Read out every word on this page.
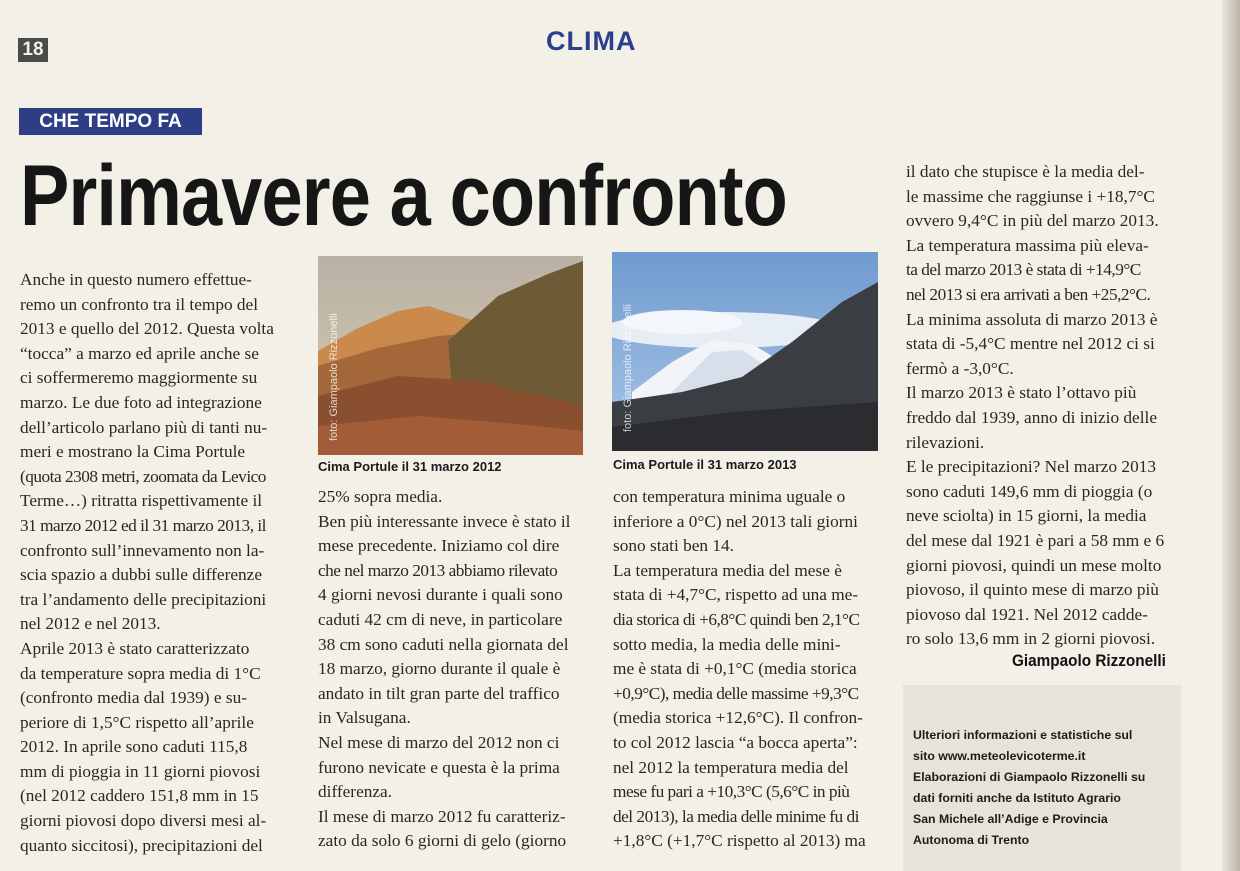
18	CLIMA
CHE TEMPO FA
Primavere a confronto

Anche in questo numero effettue-

remo un confronto tra il tempo del

2013 e quello del 2012. Questa volta

“tocca” a marzo ed aprile anche se

ci soffermeremo maggiormente su

marzo. Le due foto ad integrazione

dell’articolo parlano più di tanti nu-

meri e mostrano la Cima Portule

(quota 2308 metri, zoomata da Levico

Terme…) ritratta rispettivamente il

31 marzo 2012 ed il 31 marzo 2013, il

confronto sull’innevamento non la-

scia spazio a dubbi sulle differenze

tra l’andamento delle precipitazioni

nel 2012 e nel 2013.

Aprile 2013 è stato caratterizzato

da temperature sopra media di 1°C

(confronto media dal 1939) e su-

periore di 1,5°C rispetto all’aprile

2012. In aprile sono caduti 115,8

mm di pioggia in 11 giorni piovosi

(nel 2012 caddero 151,8 mm in 15

giorni piovosi dopo diversi mesi al-

quanto siccitosi), precipitazioni del

foto: Giampaolo Rizzonelli
Cima Portule il 31 marzo 2012
foto: Giampaolo Rizzonelli
Cima Portule il 31 marzo 2013

25% sopra media.

Ben più interessante invece è stato il

mese precedente. Iniziamo col dire

che nel marzo 2013 abbiamo rilevato

4 giorni nevosi durante i quali sono

caduti 42 cm di neve, in particolare

38 cm sono caduti nella giornata del

18 marzo, giorno durante il quale è

andato in tilt gran parte del traffico

in Valsugana.

Nel mese di marzo del 2012 non ci

furono nevicate e questa è la prima

differenza.

Il mese di marzo 2012 fu caratteriz-

zato da solo 6 giorni di gelo (giorno

con temperatura minima uguale o

inferiore a 0°C) nel 2013 tali giorni

sono stati ben 14.

La temperatura media del mese è

stata di +4,7°C, rispetto ad una me-

dia storica di +6,8°C quindi ben 2,1°C

sotto media, la media delle mini-

me è stata di +0,1°C (media storica

+0,9°C), media delle massime +9,3°C

(media storica +12,6°C). Il confron-

to col 2012 lascia “a bocca aperta”:

nel 2012 la temperatura media del

mese fu pari a +10,3°C (5,6°C in più

del 2013), la media delle minime fu di

+1,8°C (+1,7°C rispetto al 2013) ma

il dato che stupisce è la media del-

le massime che raggiunse i +18,7°C

ovvero 9,4°C in più del marzo 2013.

La temperatura massima più eleva-

ta del marzo 2013 è stata di +14,9°C

nel 2013 si era arrivati a ben +25,2°C.

La minima assoluta di marzo 2013 è

stata di -5,4°C mentre nel 2012 ci si

fermò a -3,0°C.

Il marzo 2013 è stato l’ottavo più

freddo dal 1939, anno di inizio delle

rilevazioni.

E le precipitazioni? Nel marzo 2013

sono caduti 149,6 mm di pioggia (o

neve sciolta) in 15 giorni, la media

del mese dal 1921 è pari a 58 mm e 6

giorni piovosi, quindi un mese molto

piovoso, il quinto mese di marzo più

piovoso dal 1921. Nel 2012 cadde-

ro solo 13,6 mm in 2 giorni piovosi.

Giampaolo Rizzonelli

Ulteriori informazioni e statistiche sul

sito www.meteolevicoterme.it

Elaborazioni di Giampaolo Rizzonelli su

dati forniti anche da Istituto Agrario

San Michele all’Adige e Provincia

Autonoma di Trento
